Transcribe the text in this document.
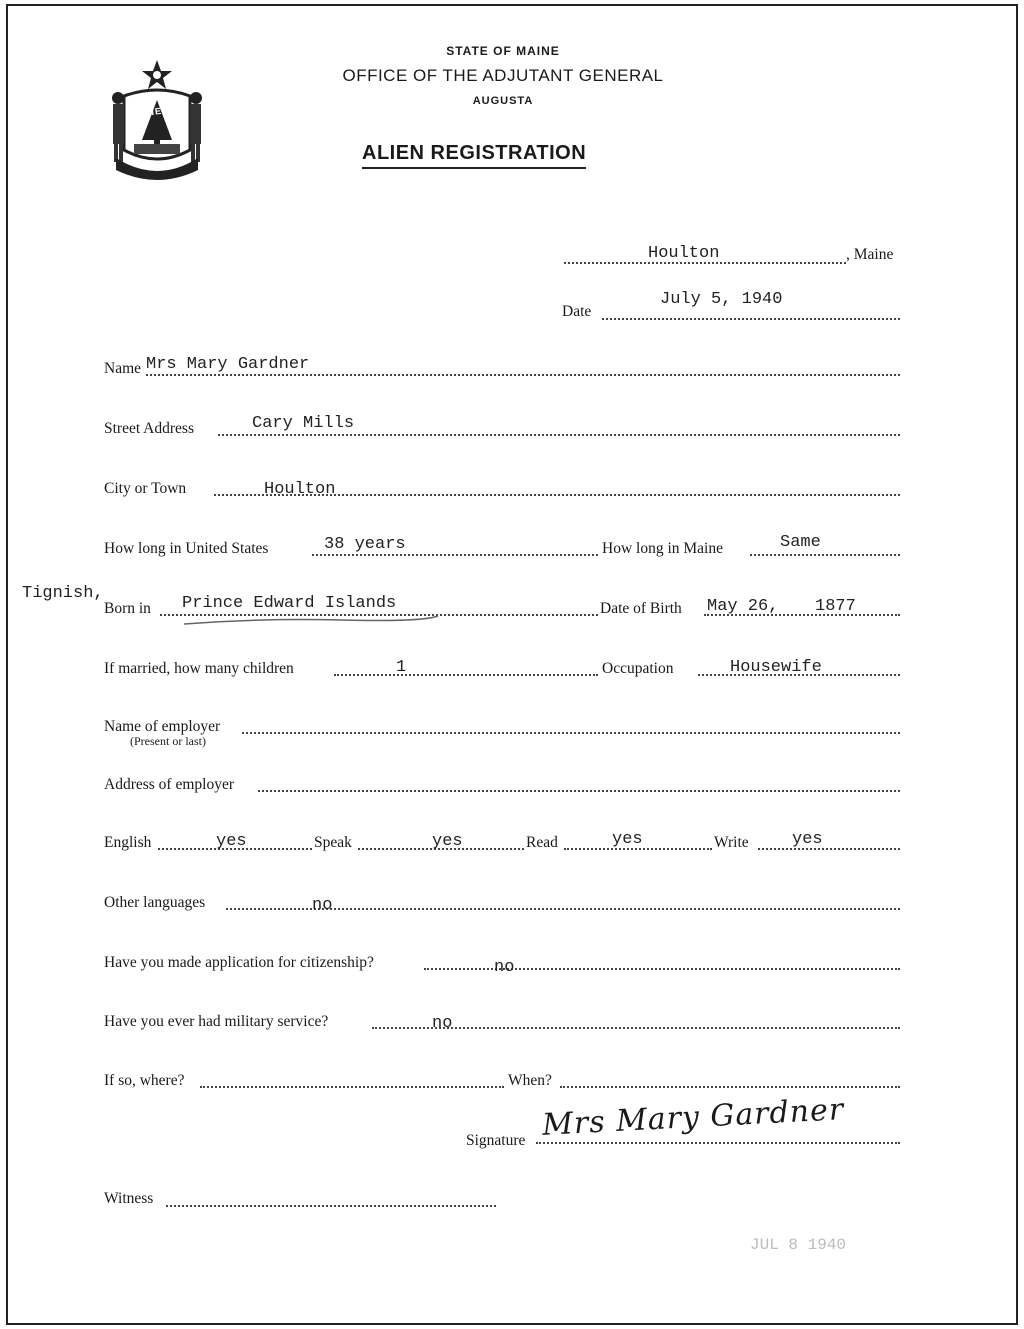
MAINE
STATE OF MAINE
OFFICE OF THE ADJUTANT GENERAL
AUGUSTA
ALIEN REGISTRATION
Houlton	, Maine
Date
July 5, 1940
Name Mrs Mary Gardner
Street Address	Cary Mills
City or Town	Houlton
How long in United States	38 years	How long in Maine	Same
Tignish,
Born in Prince Edward Islands	Date of Birth May 26, 1877
If married, how many children	1	Occupation	Housewife
Name of employer
(Present or last)
Address of employer
English	yes	Speak	yes	Read	yes	Write	yes
Other languages	no
Have you made application for citizenship?	no
Have you ever had military service?	no
If so, where?	When?
Signature Mrs Mary Gardner
Witness
JUL 8 1940
